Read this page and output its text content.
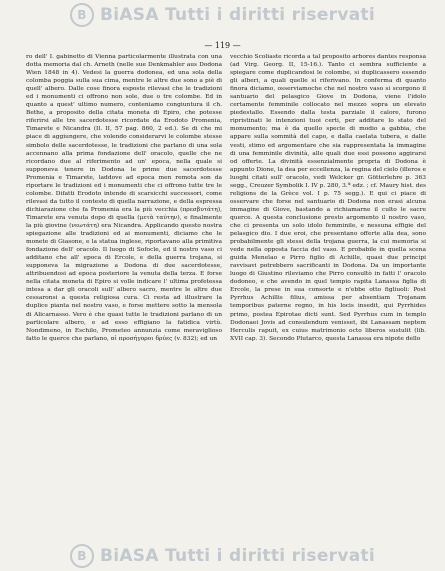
B BiASA Tutti i diritti riservati
— 119 —

ro dell' I. gabinetto di Vienna particolarmente illustrata con una dotta memoria dal ch. Arneth (nelle sue Denkmahler aus Dodona Wien 1848 in 4). Vedesi la guerra dodonea, ed una sola della colomba poggia sulla sua cima, mentre le altre due sono a piè di quell' albero. Dalle cose finora esposte rilevasi che le tradizioni ed i monumenti ci offrono non sole, due o tre colombe. Ed in quanto a quest' ultimo numero, conteniamo congiuntura il ch. Bethe, a proposito della citata moneta di Epiro, che potesse riferirsi alle tre sacerdotesse ricordate da Erodoto Promenia, Timarete e Nicandra (Il. II, 57 pag. 860, 2 ed.). Se di che mi piace di aggiungere, che volendo considerarvi le colombe stesse simbolo delle sacerdotesse, le tradizioni che parlano di una sola accennano alla prima fondazione dell' oracolo, quelle che ne ricordano due al riferimento ad un' epoca, nella quale si supponeva tenere in Dodona le prime due sacerdotesse Promenia e Timarete, laddove ad epoca men remota son da riportare le tradizioni ed i monumenti che ci offrono tutte tre le colombe. Difatti Erodoto intende di scarsicchi successori, come rilevasi da tutto il contesto di quella narrazione, e della espressa dichiarazione che fa Promenia era la più vecchia (πρεσβυτάτη), Timarete era venuta dopo di quella (μετὰ ταύτην), e finalmente la più giovine (νεωτάτη) era Nicandra. Applicando questo nostra spiegazione alle tradizioni ed ai monumenti, diciamo che le monete di Giasone, e la statua inglese, riportavano alla primitiva fondazione dell' oracolo. Il luogo di Sofocle, ed il nostro vaso ci additano che all' epoca di Ercole, e della guerra trojana, si supponeva la migrazione a Dodona di due sacerdotesse, attribuendosi ad epoca posteriore la venuta della terza. E forse nella citata moneta di Epiro si volle indicare l' ultima profetessa intesa a dar gli oracoli sull' albero sacro, mentre le altre due cessaronsi a questa religiosa cura. Ci resta ad illustrare la duplice pianta nel nostro vaso, e forse mettere sotto la mensola di Alicarnasso. Vero è che quasi tutte le tradizioni parlano di un particolare albero, e ad esso effigiano la fatidica virtù. Nondimeno, in Eschilo, Prometeo annunzia come meraviglioso fatto le querce che parlano, αἱ προσήγοροι δρύες (v. 832); ed un

vecchio Scoliaste ricorda a tal proposito arbores dantes responsa (ad Virg. Georg. II, 15-16.). Tanto ci sembra sufficiente a spiegare come duplicandosi le colombe, si duplicassero essendo gli alberi, a quali quelle si riferivano. In conferma di quanto finora diciamo, osserviamoche che nel nostro vaso si scorgono il santuario del pelasgico Giove in Dodona, viene l'idolo certamente femminile collocato nel mezzo sopra un elevato piedestallo. Essendo dalla testa parziale il calore, furono ripristinati le intenzioni tuoi certi, per additare lo stato del monumento; ma è da quello specie di modio a gabbia, che appare sulla sommità del capo, e dalla caelata tubera, e dalle vesti, stimo ed argomentare che sia rappresentata la immagine di una femminile divinità, alle quali due essi possono aggirarsi od offerte. La divinità essenzialmente propria di Dodona è appunto Dione, la dea per eccellenza, la regina del cielo (illeros e luoghi citati sull' oracolo, vedi Welcker gr. Götterlehre p. 363 segg., Creuzer Symbolik I. IV p. 280, 3.ª edz. ; cf. Maury hist. des religions de la Grèce vol. I p. 75 segg.). E qui ci piace di osservare che forse nel santuario di Dodona non erasi alcuna immagine di Giove, bastando a richiamarne il culto le sacre querce. A questa conclusione presto argomento il nostro vaso, che ci presenta un solo idolo femminile, e nessuna effigie del pelasgico dio. I due eroi, che presentano offerte alla dea, sono probabilmente gli stessi della trojana guerra, la cui memoria si vede nella opposta faccia del vaso. E probabile in quella scena guida Menelao e Pirro figlio di Achille, quasi due principi ravvisavi potrebbero sacrificanti in Dodona. Da un importante luogo di Giustino rileviamo che Pirro consultò in fatti l' oracolo dodoneo, e che avendo in quel tempio rapita Lanassa figlia di Ercole, la prese in sua consorte e n'ebbe otto figliuoli: Post Pyrrhus Achillis filius, amissa per absentiam Trojanam temporibus paterne regno, in his locis insedit, qui Pyrrhides primo, postea Epirotae dicti sunt. Sed Pyrrhus cum in templo Dodonaei Jovis ad consulendum venisset, ibi Lanassam neptem Herculis rapuit, ex cuius matrimonio octo liberos sustulit (lib. XVII cap. 3). Secondo Plutarco, questa Lanassa era nipote dello

B BiASA Tutti i diritti riservati
